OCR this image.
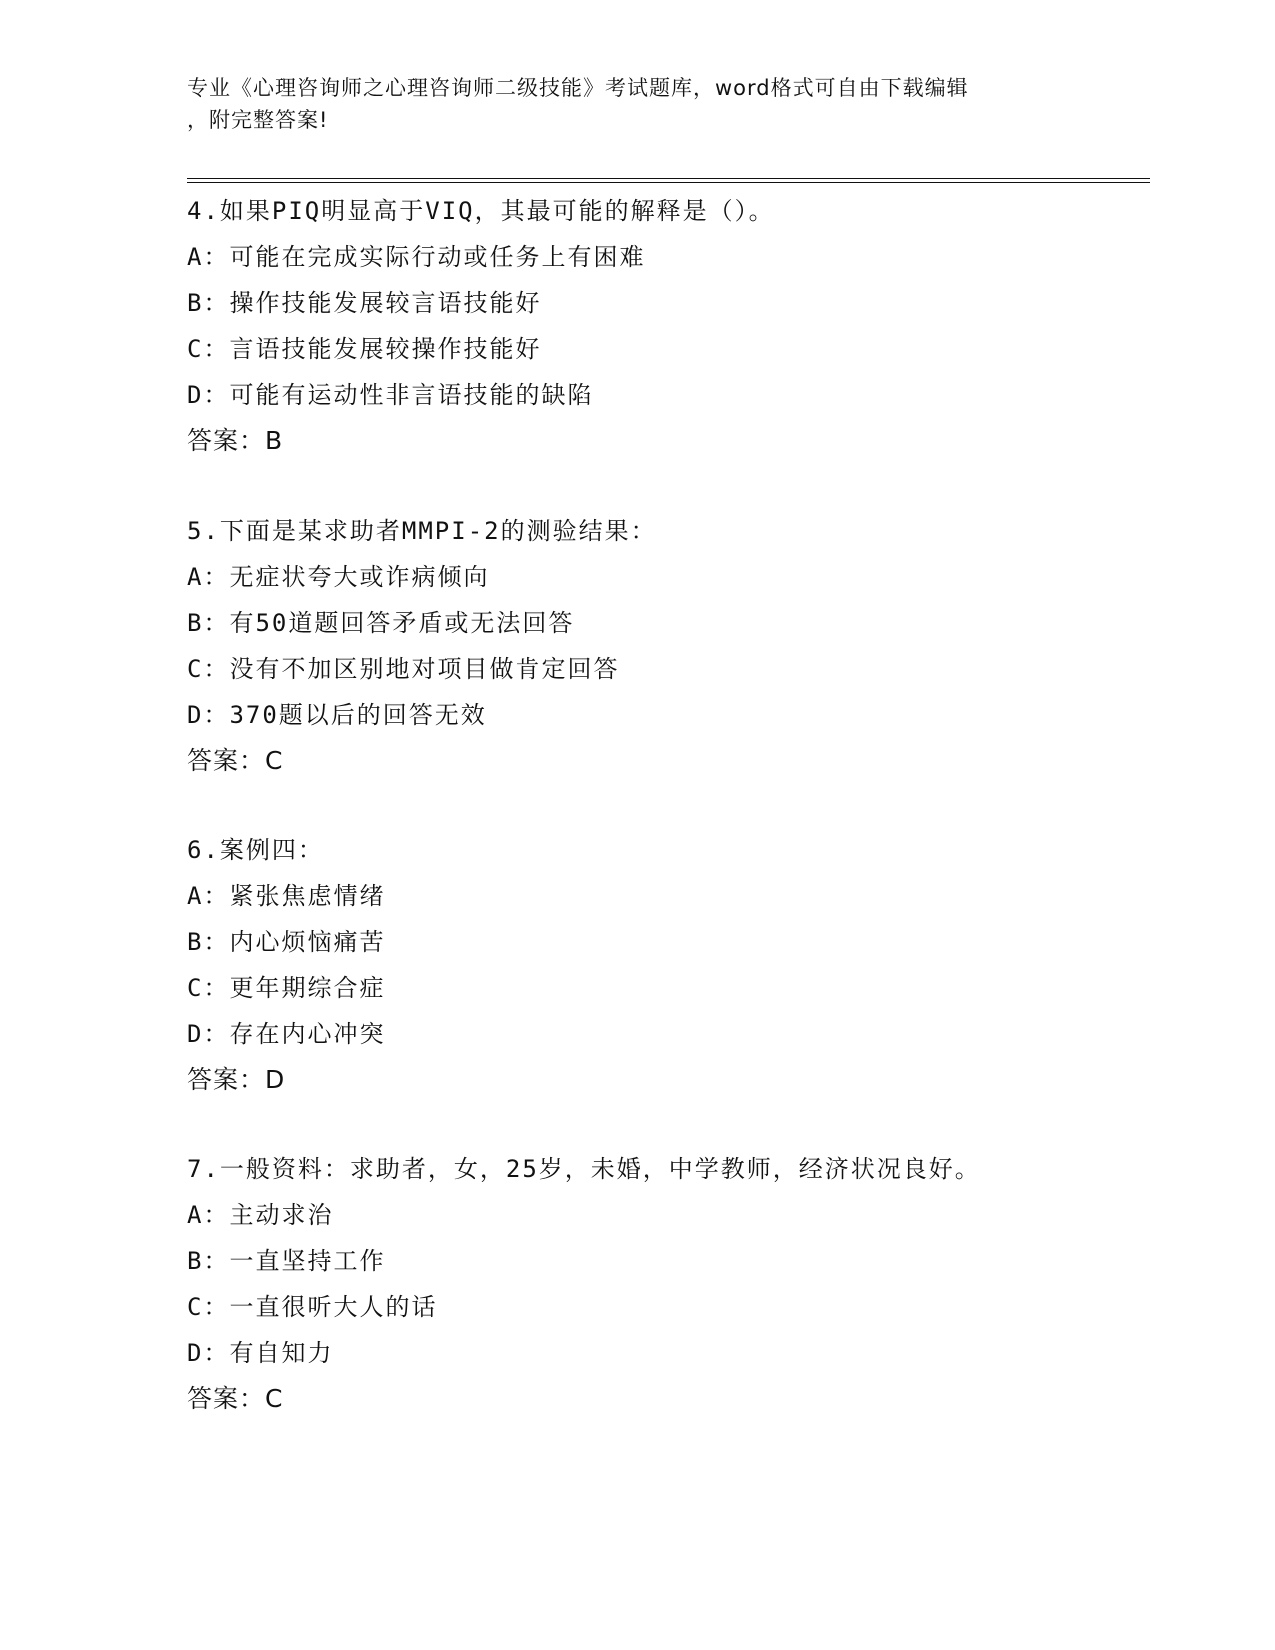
专业《心理咨询师之心理咨询师二级技能》考试题库，word格式可自由下载编辑
，附完整答案!
4.如果PIQ明显高于VIQ，其最可能的解释是（）。
A：可能在完成实际行动或任务上有困难
B：操作技能发展较言语技能好
C：言语技能发展较操作技能好
D：可能有运动性非言语技能的缺陷
答案：B
5.下面是某求助者MMPI-2的测验结果：
A：无症状夸大或诈病倾向
B：有50道题回答矛盾或无法回答
C：没有不加区别地对项目做肯定回答
D：370题以后的回答无效
答案：C
6.案例四：
A：紧张焦虑情绪
B：内心烦恼痛苦
C：更年期综合症
D：存在内心冲突
答案：D
7.一般资料：求助者，女，25岁，未婚，中学教师，经济状况良好。
A：主动求治
B：一直坚持工作
C：一直很听大人的话
D：有自知力
答案：C
